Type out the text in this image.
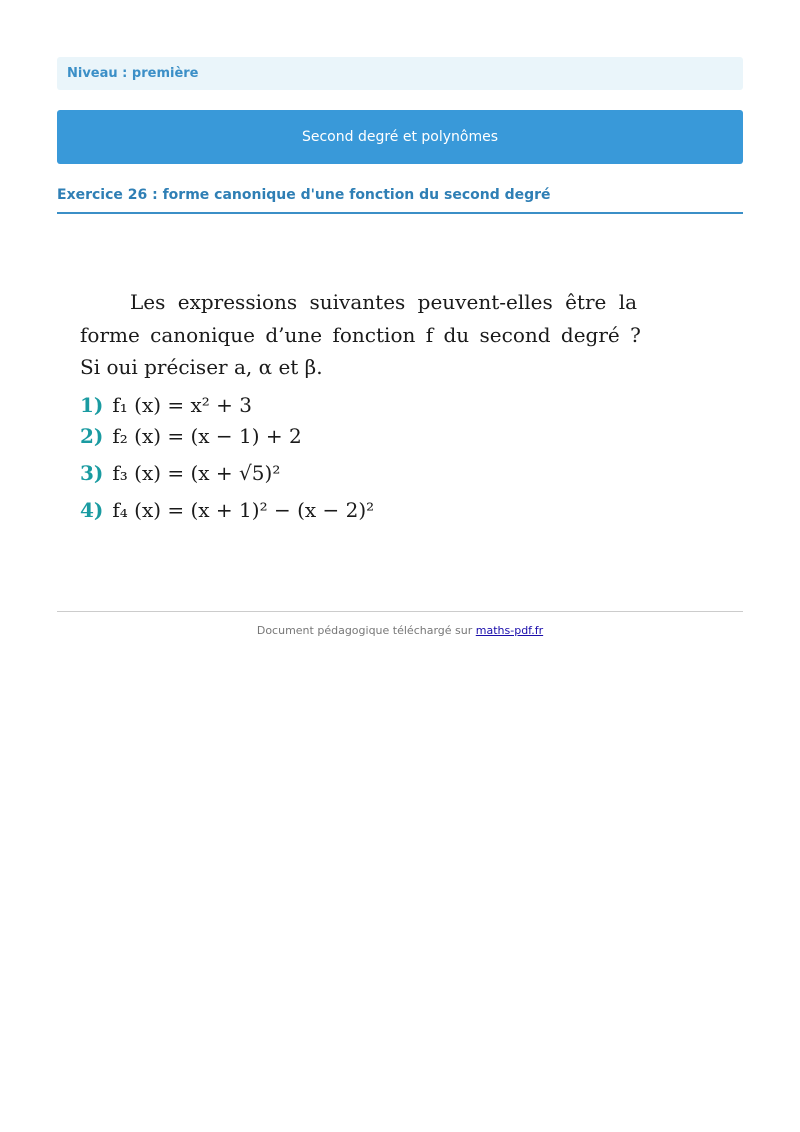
Niveau : première
Second degré et polynômes
Exercice 26 : forme canonique d'une fonction du second degré
Les expressions suivantes peuvent-elles être la
forme canonique d’une fonction f du second degré ?
Si oui préciser a, α et β.
1) f₁ (x) = x² + 3
2) f₂ (x) = (x − 1) + 2
3) f₃ (x) = (x + √5)²
4) f₄ (x) = (x + 1)² − (x − 2)²
Document pédagogique téléchargé sur maths-pdf.fr
